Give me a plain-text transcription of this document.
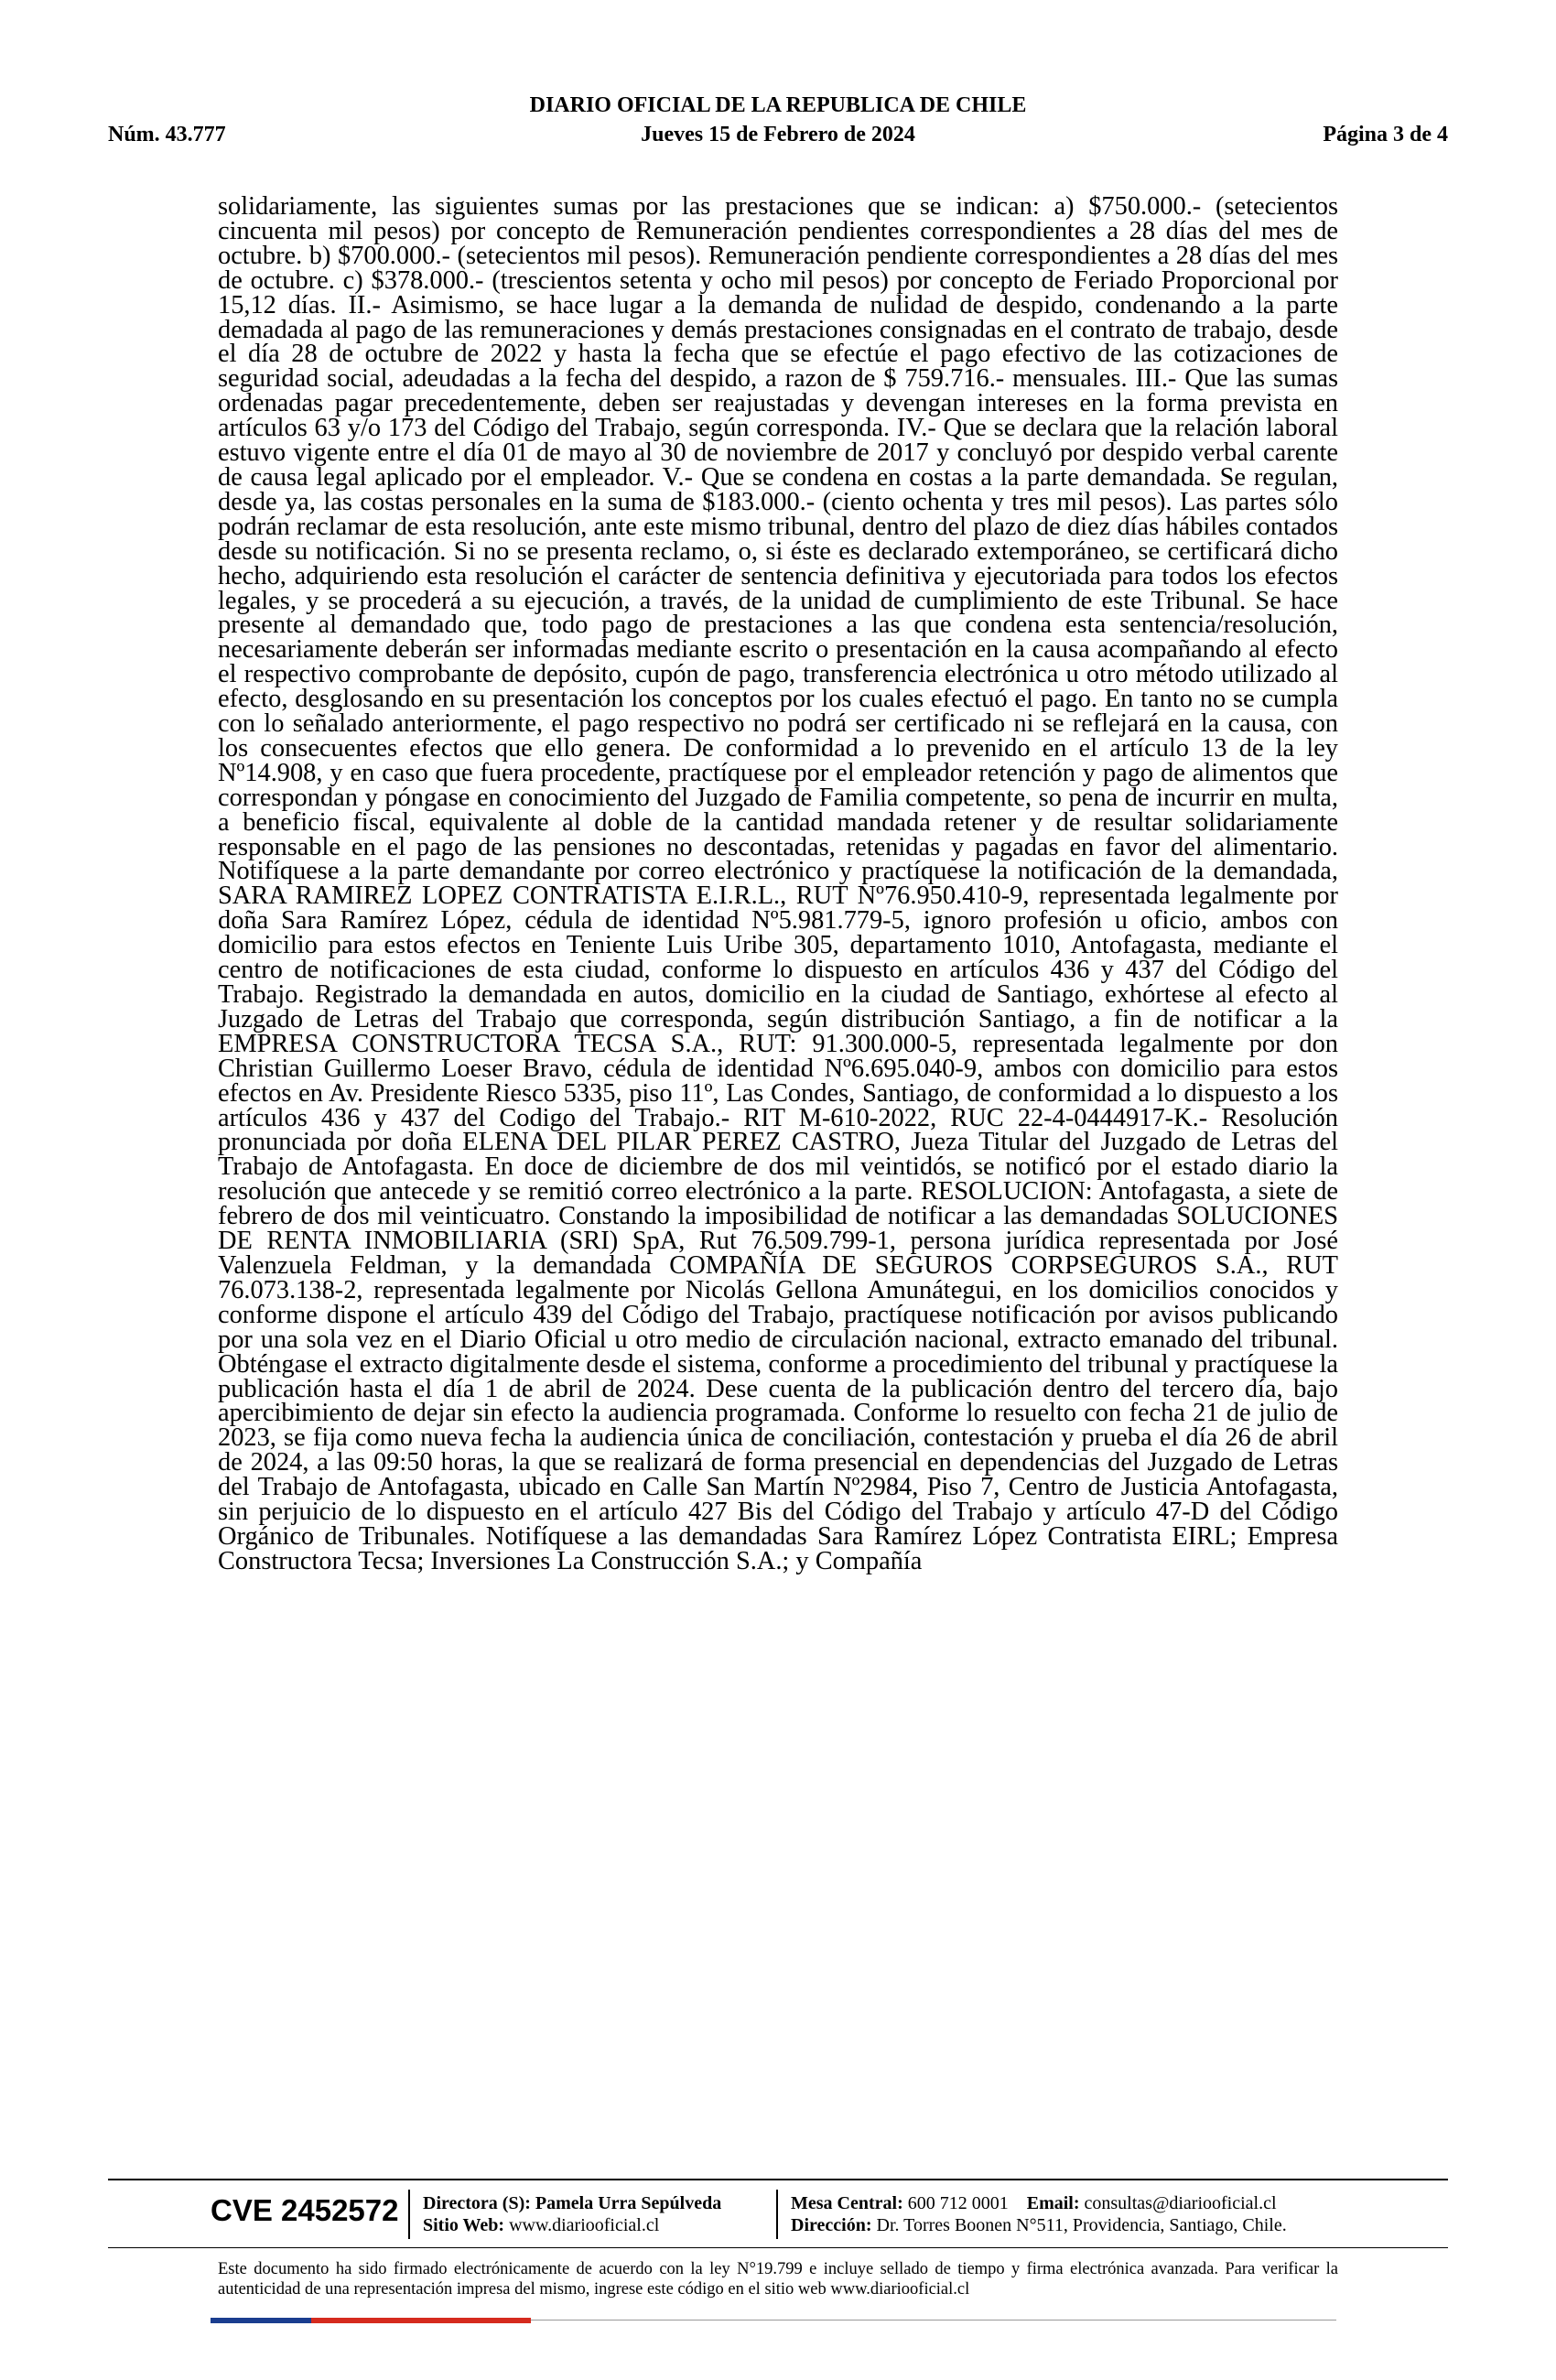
DIARIO OFICIAL DE LA REPUBLICA DE CHILE
Núm. 43.777	Jueves 15 de Febrero de 2024	Página 3 de 4

solidariamente, las siguientes sumas por las prestaciones que se indican: a) $750.000.- (setecientos cincuenta mil pesos) por concepto de Remuneración pendientes correspondientes a 28 días del mes de octubre. b) $700.000.- (setecientos mil pesos). Remuneración pendiente correspondientes a 28 días del mes de octubre. c) $378.000.- (trescientos setenta y ocho mil pesos) por concepto de Feriado Proporcional por 15,12 días. II.- Asimismo, se hace lugar a la demanda de nulidad de despido, condenando a la parte demadada al pago de las remuneraciones y demás prestaciones consignadas en el contrato de trabajo, desde el día 28 de octubre de 2022 y hasta la fecha que se efectúe el pago efectivo de las cotizaciones de seguridad social, adeudadas a la fecha del despido, a razon de $ 759.716.- mensuales. III.- Que las sumas ordenadas pagar precedentemente, deben ser reajustadas y devengan intereses en la forma prevista en artículos 63 y/o 173 del Código del Trabajo, según corresponda. IV.- Que se declara que la relación laboral estuvo vigente entre el día 01 de mayo al 30 de noviembre de 2017 y concluyó por despido verbal carente de causa legal aplicado por el empleador. V.- Que se condena en costas a la parte demandada. Se regulan, desde ya, las costas personales en la suma de $183.000.- (ciento ochenta y tres mil pesos). Las partes sólo podrán reclamar de esta resolución, ante este mismo tribunal, dentro del plazo de diez días hábiles contados desde su notificación. Si no se presenta reclamo, o, si éste es declarado extemporáneo, se certificará dicho hecho, adquiriendo esta resolución el carácter de sentencia definitiva y ejecutoriada para todos los efectos legales, y se procederá a su ejecución, a través, de la unidad de cumplimiento de este Tribunal. Se hace presente al demandado que, todo pago de prestaciones a las que condena esta sentencia/resolución, necesariamente deberán ser informadas mediante escrito o presentación en la causa acompañando al efecto el respectivo comprobante de depósito, cupón de pago, transferencia electrónica u otro método utilizado al efecto, desglosando en su presentación los conceptos por los cuales efectuó el pago. En tanto no se cumpla con lo señalado anteriormente, el pago respectivo no podrá ser certificado ni se reflejará en la causa, con los consecuentes efectos que ello genera. De conformidad a lo prevenido en el artículo 13 de la ley Nº14.908, y en caso que fuera procedente, practíquese por el empleador retención y pago de alimentos que correspondan y póngase en conocimiento del Juzgado de Familia competente, so pena de incurrir en multa, a beneficio fiscal, equivalente al doble de la cantidad mandada retener y de resultar solidariamente responsable en el pago de las pensiones no descontadas, retenidas y pagadas en favor del alimentario. Notifíquese a la parte demandante por correo electrónico y practíquese la notificación de la demandada, SARA RAMIREZ LOPEZ CONTRATISTA E.I.R.L., RUT Nº76.950.410-9, representada legalmente por doña Sara Ramírez López, cédula de identidad Nº5.981.779-5, ignoro profesión u oficio, ambos con domicilio para estos efectos en Teniente Luis Uribe 305, departamento 1010, Antofagasta, mediante el centro de notificaciones de esta ciudad, conforme lo dispuesto en artículos 436 y 437 del Código del Trabajo. Registrado la demandada en autos, domicilio en la ciudad de Santiago, exhórtese al efecto al Juzgado de Letras del Trabajo que corresponda, según distribución Santiago, a fin de notificar a la EMPRESA CONSTRUCTORA TECSA S.A., RUT: 91.300.000-5, representada legalmente por don Christian Guillermo Loeser Bravo, cédula de identidad Nº6.695.040-9, ambos con domicilio para estos efectos en Av. Presidente Riesco 5335, piso 11º, Las Condes, Santiago, de conformidad a lo dispuesto a los artículos 436 y 437 del Codigo del Trabajo.- RIT M-610-2022, RUC 22-4-0444917-K.- Resolución pronunciada por doña ELENA DEL PILAR PEREZ CASTRO, Jueza Titular del Juzgado de Letras del Trabajo de Antofagasta. En doce de diciembre de dos mil veintidós, se notificó por el estado diario la resolución que antecede y se remitió correo electrónico a la parte. RESOLUCION: Antofagasta, a siete de febrero de dos mil veinticuatro. Constando la imposibilidad de notificar a las demandadas SOLUCIONES DE RENTA INMOBILIARIA (SRI) SpA, Rut 76.509.799-1, persona jurídica representada por José Valenzuela Feldman, y la demandada COMPAÑÍA DE SEGUROS CORPSEGUROS S.A., RUT 76.073.138-2, representada legalmente por Nicolás Gellona Amunátegui, en los domicilios conocidos y conforme dispone el artículo 439 del Código del Trabajo, practíquese notificación por avisos publicando por una sola vez en el Diario Oficial u otro medio de circulación nacional, extracto emanado del tribunal. Obténgase el extracto digitalmente desde el sistema, conforme a procedimiento del tribunal y practíquese la publicación hasta el día 1 de abril de 2024. Dese cuenta de la publicación dentro del tercero día, bajo apercibimiento de dejar sin efecto la audiencia programada. Conforme lo resuelto con fecha 21 de julio de 2023, se fija como nueva fecha la audiencia única de conciliación, contestación y prueba el día 26 de abril de 2024, a las 09:50 horas, la que se realizará de forma presencial en dependencias del Juzgado de Letras del Trabajo de Antofagasta, ubicado en Calle San Martín Nº2984, Piso 7, Centro de Justicia Antofagasta, sin perjuicio de lo dispuesto en el artículo 427 Bis del Código del Trabajo y artículo 47-D del Código Orgánico de Tribunales. Notifíquese a las demandadas Sara Ramírez López Contratista EIRL; Empresa Constructora Tecsa; Inversiones La Construcción S.A.; y Compañía

CVE 2452572 Directora (S): Pamela Urra Sepúlveda
Sitio Web: www.diariooficial.cl
Mesa Central: 600 712 0001 Email: consultas@diariooficial.cl
Dirección: Dr. Torres Boonen N°511, Providencia, Santiago, Chile.
Este documento ha sido firmado electrónicamente de acuerdo con la ley N°19.799 e incluye sellado de tiempo y firma electrónica avanzada. Para verificar la autenticidad de una representación impresa del mismo, ingrese este código en el sitio web www.diariooficial.cl
